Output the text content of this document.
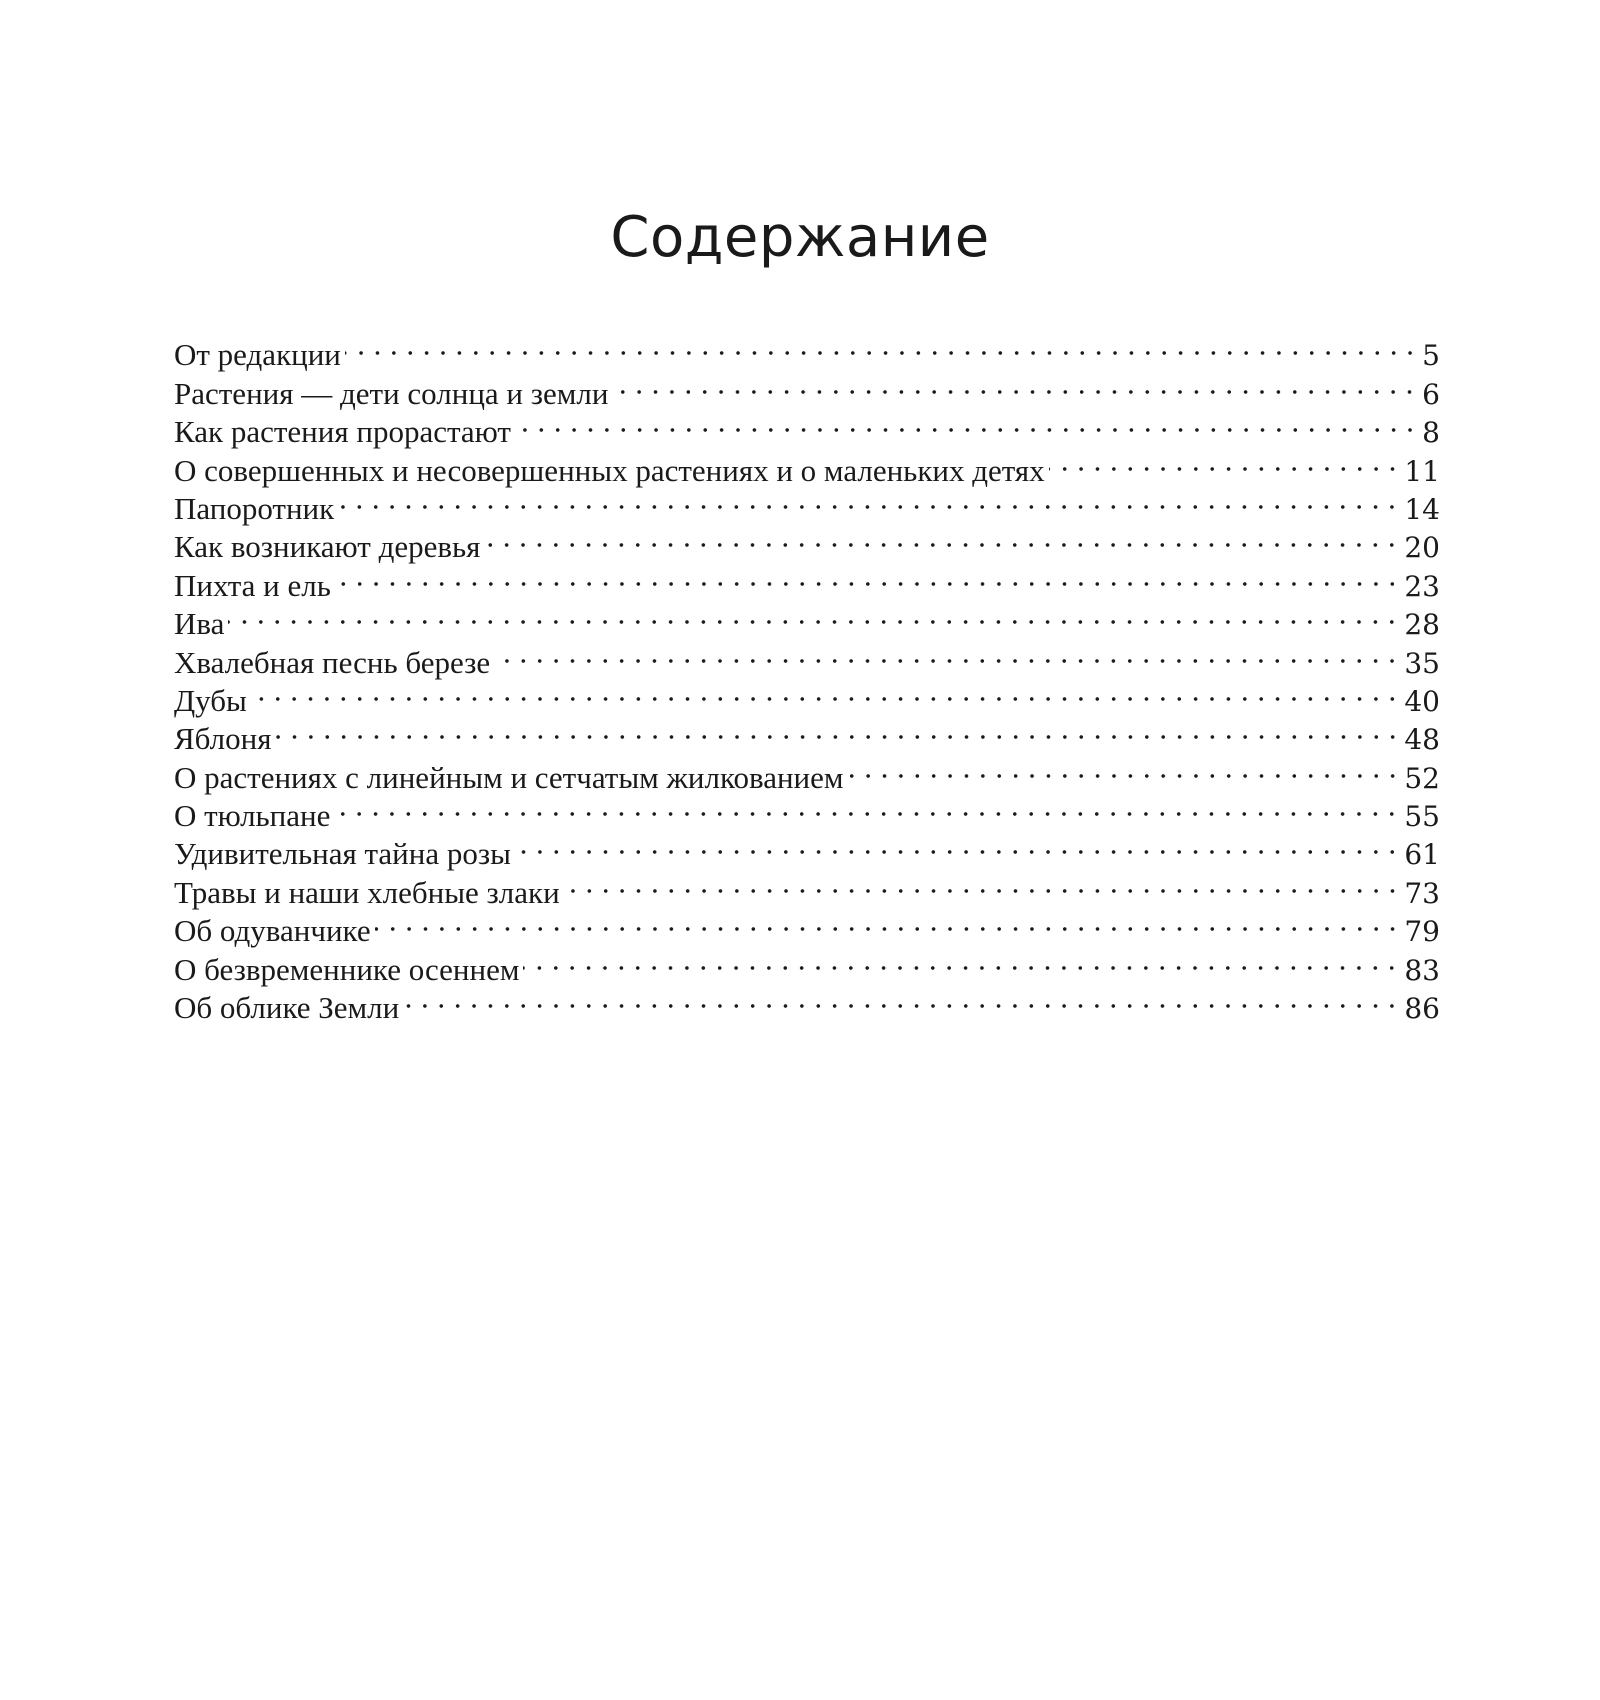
Содержание
От редакции	5
Растения — дети солнца и земли	6
Как растения прорастают	8
О совершенных и несовершенных растениях и о маленьких детях	11
Папоротник	14
Как возникают деревья	20
Пихта и ель	23
Ива	28
Хвалебная песнь березе	35
Дубы	40
Яблоня	48
О растениях с линейным и сетчатым жилкованием	52
О тюльпане	55
Удивительная тайна розы	61
Травы и наши хлебные злаки	73
Об одуванчике	79
О безвременнике осеннем	83
Об облике Земли	86
